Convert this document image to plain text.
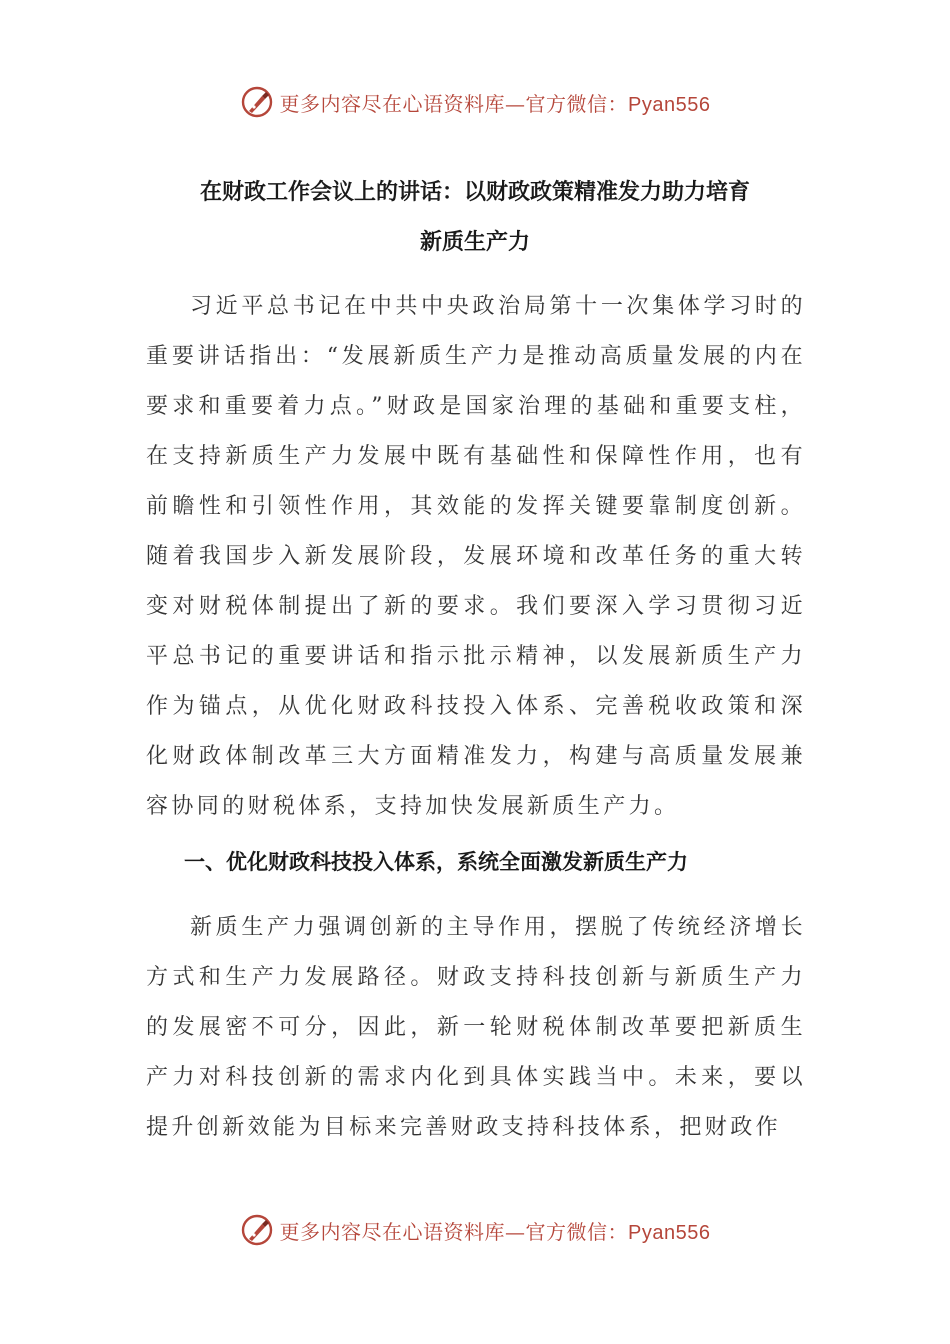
更多内容尽在心语资料库—官方微信：Pyan556
在财政工作会议上的讲话：以财政政策精准发力助力培育
新质生产力

习近平总书记在中共中央政治局第十一次集体学习时的重要讲话指出：“发展新质生产力是推动高质量发展的内在要求和重要着力点。”财政是国家治理的基础和重要支柱，在支持新质生产力发展中既有基础性和保障性作用，也有前瞻性和引领性作用，其效能的发挥关键要靠制度创新。随着我国步入新发展阶段，发展环境和改革任务的重大转变对财税体制提出了新的要求。我们要深入学习贯彻习近平总书记的重要讲话和指示批示精神，以发展新质生产力作为锚点，从优化财政科技投入体系、完善税收政策和深化财政体制改革三大方面精准发力，构建与高质量发展兼容协同的财税体系，支持加快发展新质生产力。

一、优化财政科技投入体系，系统全面激发新质生产力

新质生产力强调创新的主导作用，摆脱了传统经济增长方式和生产力发展路径。财政支持科技创新与新质生产力的发展密不可分，因此，新一轮财税体制改革要把新质生产力对科技创新的需求内化到具体实践当中。未来，要以提升创新效能为目标来完善财政支持科技体系，把财政作

更多内容尽在心语资料库—官方微信：Pyan556
